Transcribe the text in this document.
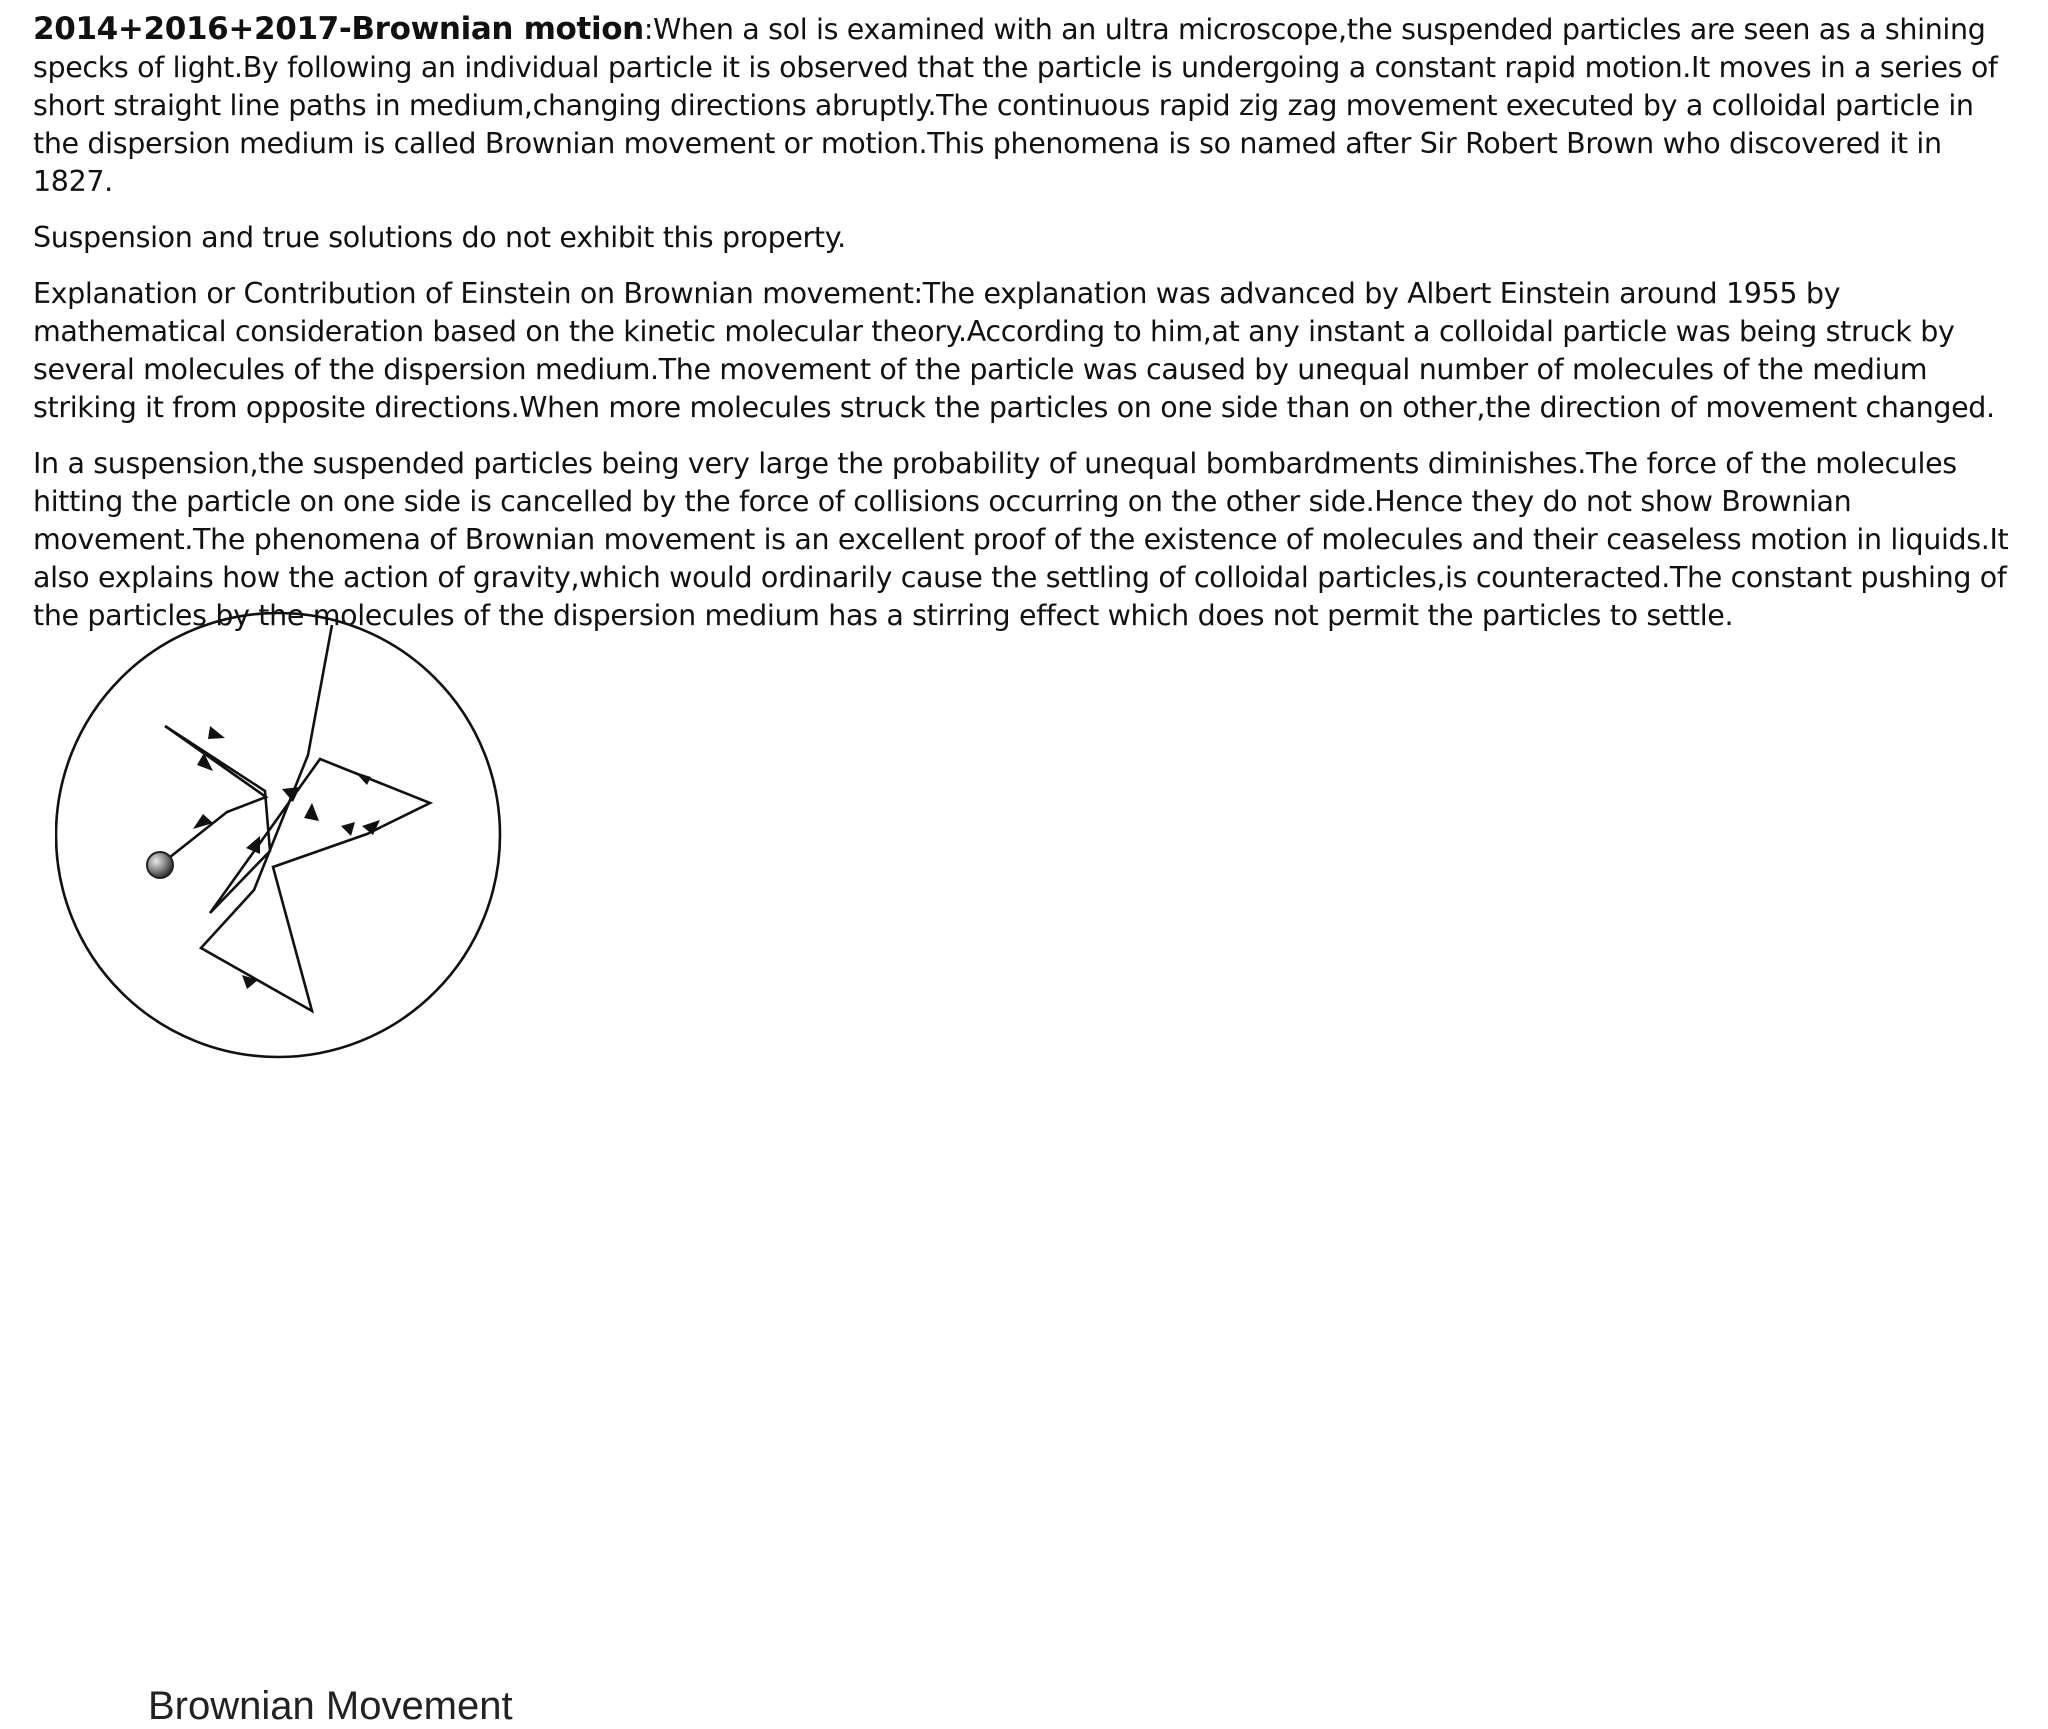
2014+2016+2017-Brownian motion:When a sol is examined with an ultra microscope,the suspended particles are seen as a shining specks of light.By following an individual particle it is observed that the particle is undergoing a constant rapid motion.It moves in a series of short straight line paths in medium,changing directions abruptly.The continuous rapid zig zag movement executed by a colloidal particle in the dispersion medium is called Brownian movement or motion.This phenomena is so named after Sir Robert Brown who discovered it in 1827.

Suspension and true solutions do not exhibit this property.

Explanation or Contribution of Einstein on Brownian movement:The explanation was advanced by Albert Einstein around 1955 by mathematical consideration based on the kinetic molecular theory.According to him,at any instant a colloidal particle was being struck by several molecules of the dispersion medium.The movement of the particle was caused by unequal number of molecules of the medium striking it from opposite directions.When more molecules struck the particles on one side than on other,the direction of movement changed.

In a suspension,the suspended particles being very large the probability of unequal bombardments diminishes.The force of the molecules hitting the particle on one side is cancelled by the force of collisions occurring on the other side.Hence they do not show Brownian movement.The phenomena of Brownian movement is an excellent proof of the existence of molecules and their ceaseless motion in liquids.It also explains how the action of gravity,which would ordinarily cause the settling of colloidal particles,is counteracted.The constant pushing of the particles by the molecules of the dispersion medium has a stirring effect which does not permit the particles to settle.

Brownian Movement
